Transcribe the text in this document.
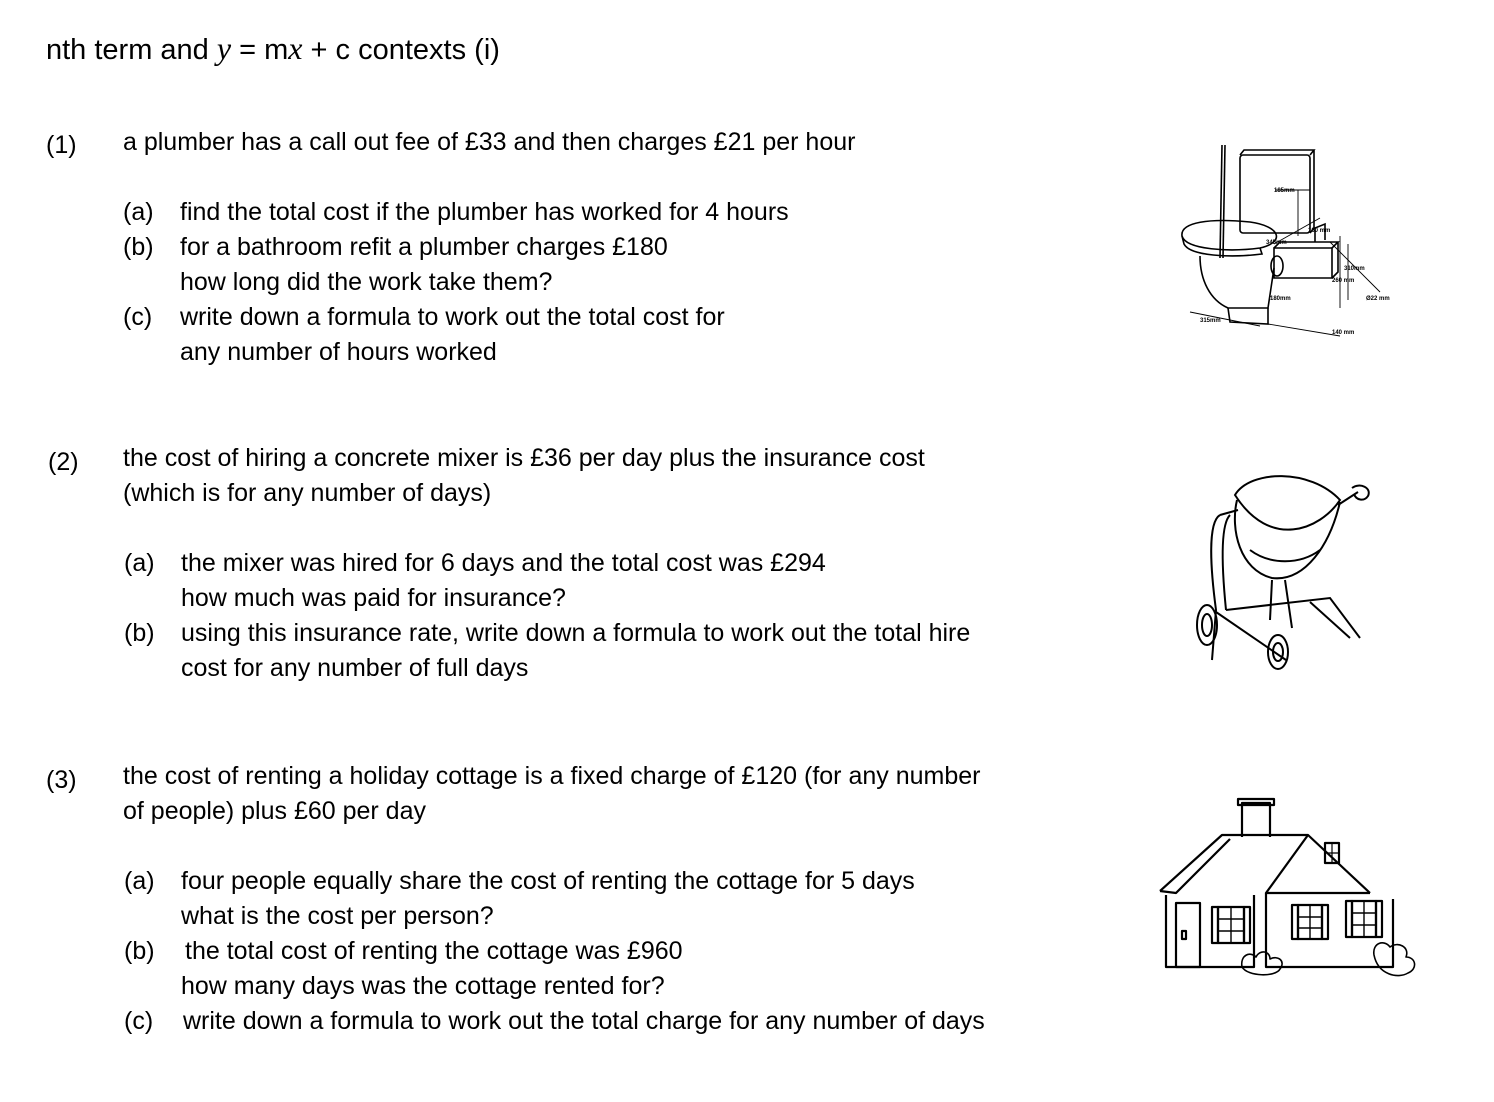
nth term and y = mx + c contexts (i)
(1) a plumber has a call out fee of £33 and then charges £21 per hour
(a) find the total cost if the plumber has worked for 4 hours
(b) for a bathroom refit a plumber charges £180
how long did the work take them?
(c) write down a formula to work out the total cost for
any number of hours worked
(2) the cost of hiring a concrete mixer is £36 per day plus the insurance cost
(which is for any number of days)
(a) the mixer was hired for 6 days and the total cost was £294
how much was paid for insurance?
(b) using this insurance rate, write down a formula to work out the total hire
cost for any number of full days
(3) the cost of renting a holiday cottage is a fixed charge of £120 (for any number
of people) plus £60 per day
(a) four people equally share the cost of renting the cottage for 5 days
what is the cost per person?
(b) the total cost of renting the cottage was £960
how many days was the cottage rented for?
(c) write down a formula to work out the total charge for any number of days
185mm
160 mm
345mm
180mm
260 mm
310mm
Ø22 mm
315mm
140 mm
